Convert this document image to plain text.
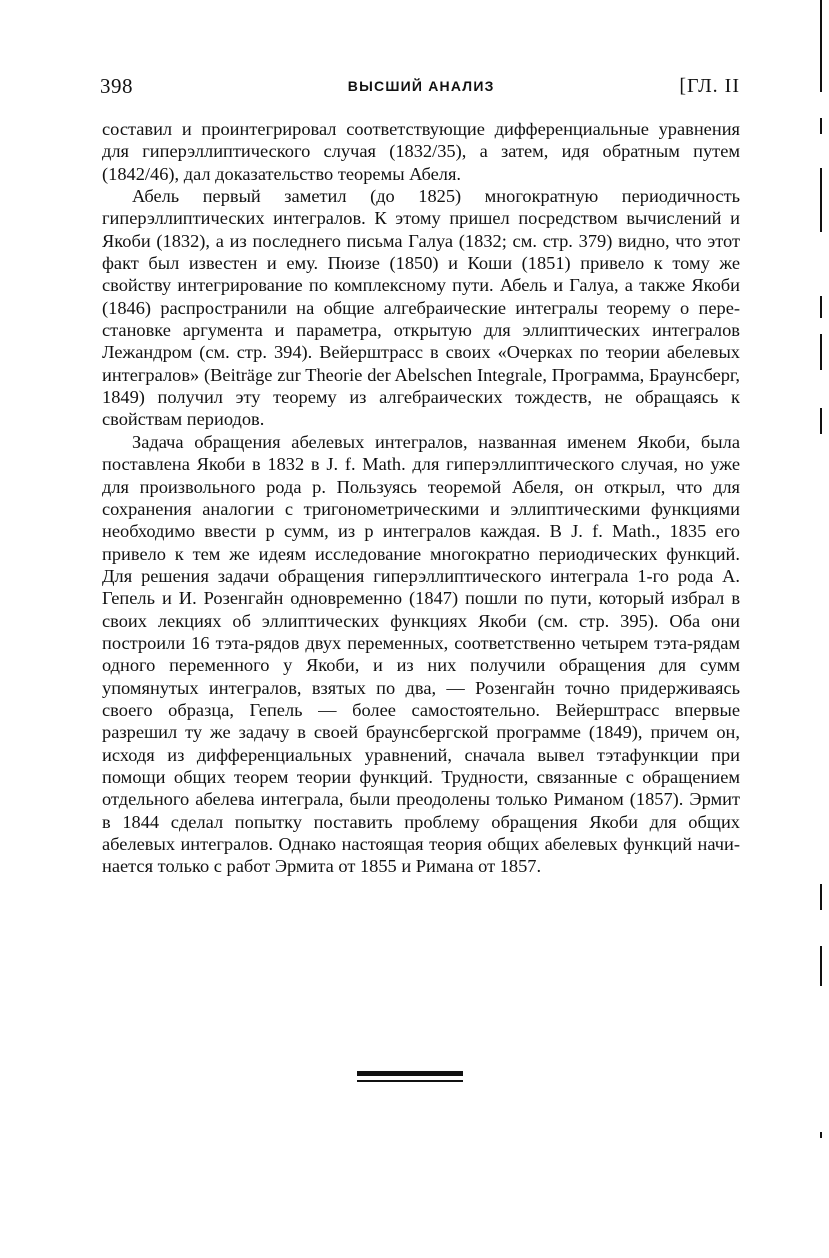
398	ВЫСШИЙ АНАЛИЗ	[ГЛ. II

составил и проинтегрировал соответствующие дифференциальные уравнения для гиперэллиптического случая (1832/35), а затем, идя обратным путем (1842/46), дал доказательство теоремы Абеля.

Абель первый заметил (до 1825) многократную периодичность гиперэллиптических интегралов. К этому пришел посредством вычислений и Якоби (1832), а из последнего письма Галуа (1832; см. стр. 379) видно, что этот факт был известен и ему. Пюизе (1850) и Коши (1851) привело к тому же свойству интегрирование по комплексному пути. Абель и Галуа, а также Якоби (1846) распространили на общие алгебраические интегралы теорему о перестановке аргумента и параметра, открытую для эллиптических интегралов Лежандром (см. стр. 394). Вейерштрасс в своих «Очерках по теории абелевых интегралов» (Beiträge zur Theorie der Abelschen Integrale, Программа, Браунсберг, 1849) получил эту теорему из алгебраических тождеств, не обращаясь к свойствам периодов.

Задача обращения абелевых интегралов, названная именем Якоби, была поставлена Якоби в 1832 в J. f. Math. для гиперэллиптического случая, но уже для произвольного рода p. Пользуясь теоремой Абеля, он открыл, что для сохранения аналогии с тригонометрическими и эллиптическими функциями необходимо ввести p сумм, из p интегралов каждая. В J. f. Math., 1835 его привело к тем же идеям исследование многократно периодических функций. Для решения задачи обращения гиперэллиптического интеграла 1-го рода А. Гепель и И. Розенгайн одновременно (1847) пошли по пути, который избрал в своих лекциях об эллиптических функциях Якоби (см. стр. 395). Оба они построили 16 тэта-рядов двух переменных, соответственно четырем тэта-рядам одного переменного у Якоби, и из них получили обращения для сумм упомянутых интегралов, взятых по два, — Розенгайн точно придерживаясь своего образца, Гепель — более самостоятельно. Вейерштрасс впервые разрешил ту же задачу в своей браунсбергской программе (1849), причем он, исходя из дифференциальных уравнений, сначала вывел тэтафункции при помощи общих теорем теории функций. Трудности, связанные с обращением отдельного абелева интеграла, были преодолены только Риманом (1857). Эрмит в 1844 сделал попытку поставить проблему обращения Якоби для общих абелевых интегралов. Однако настоящая теория общих абелевых функций начинается только с работ Эрмита от 1855 и Римана от 1857.
